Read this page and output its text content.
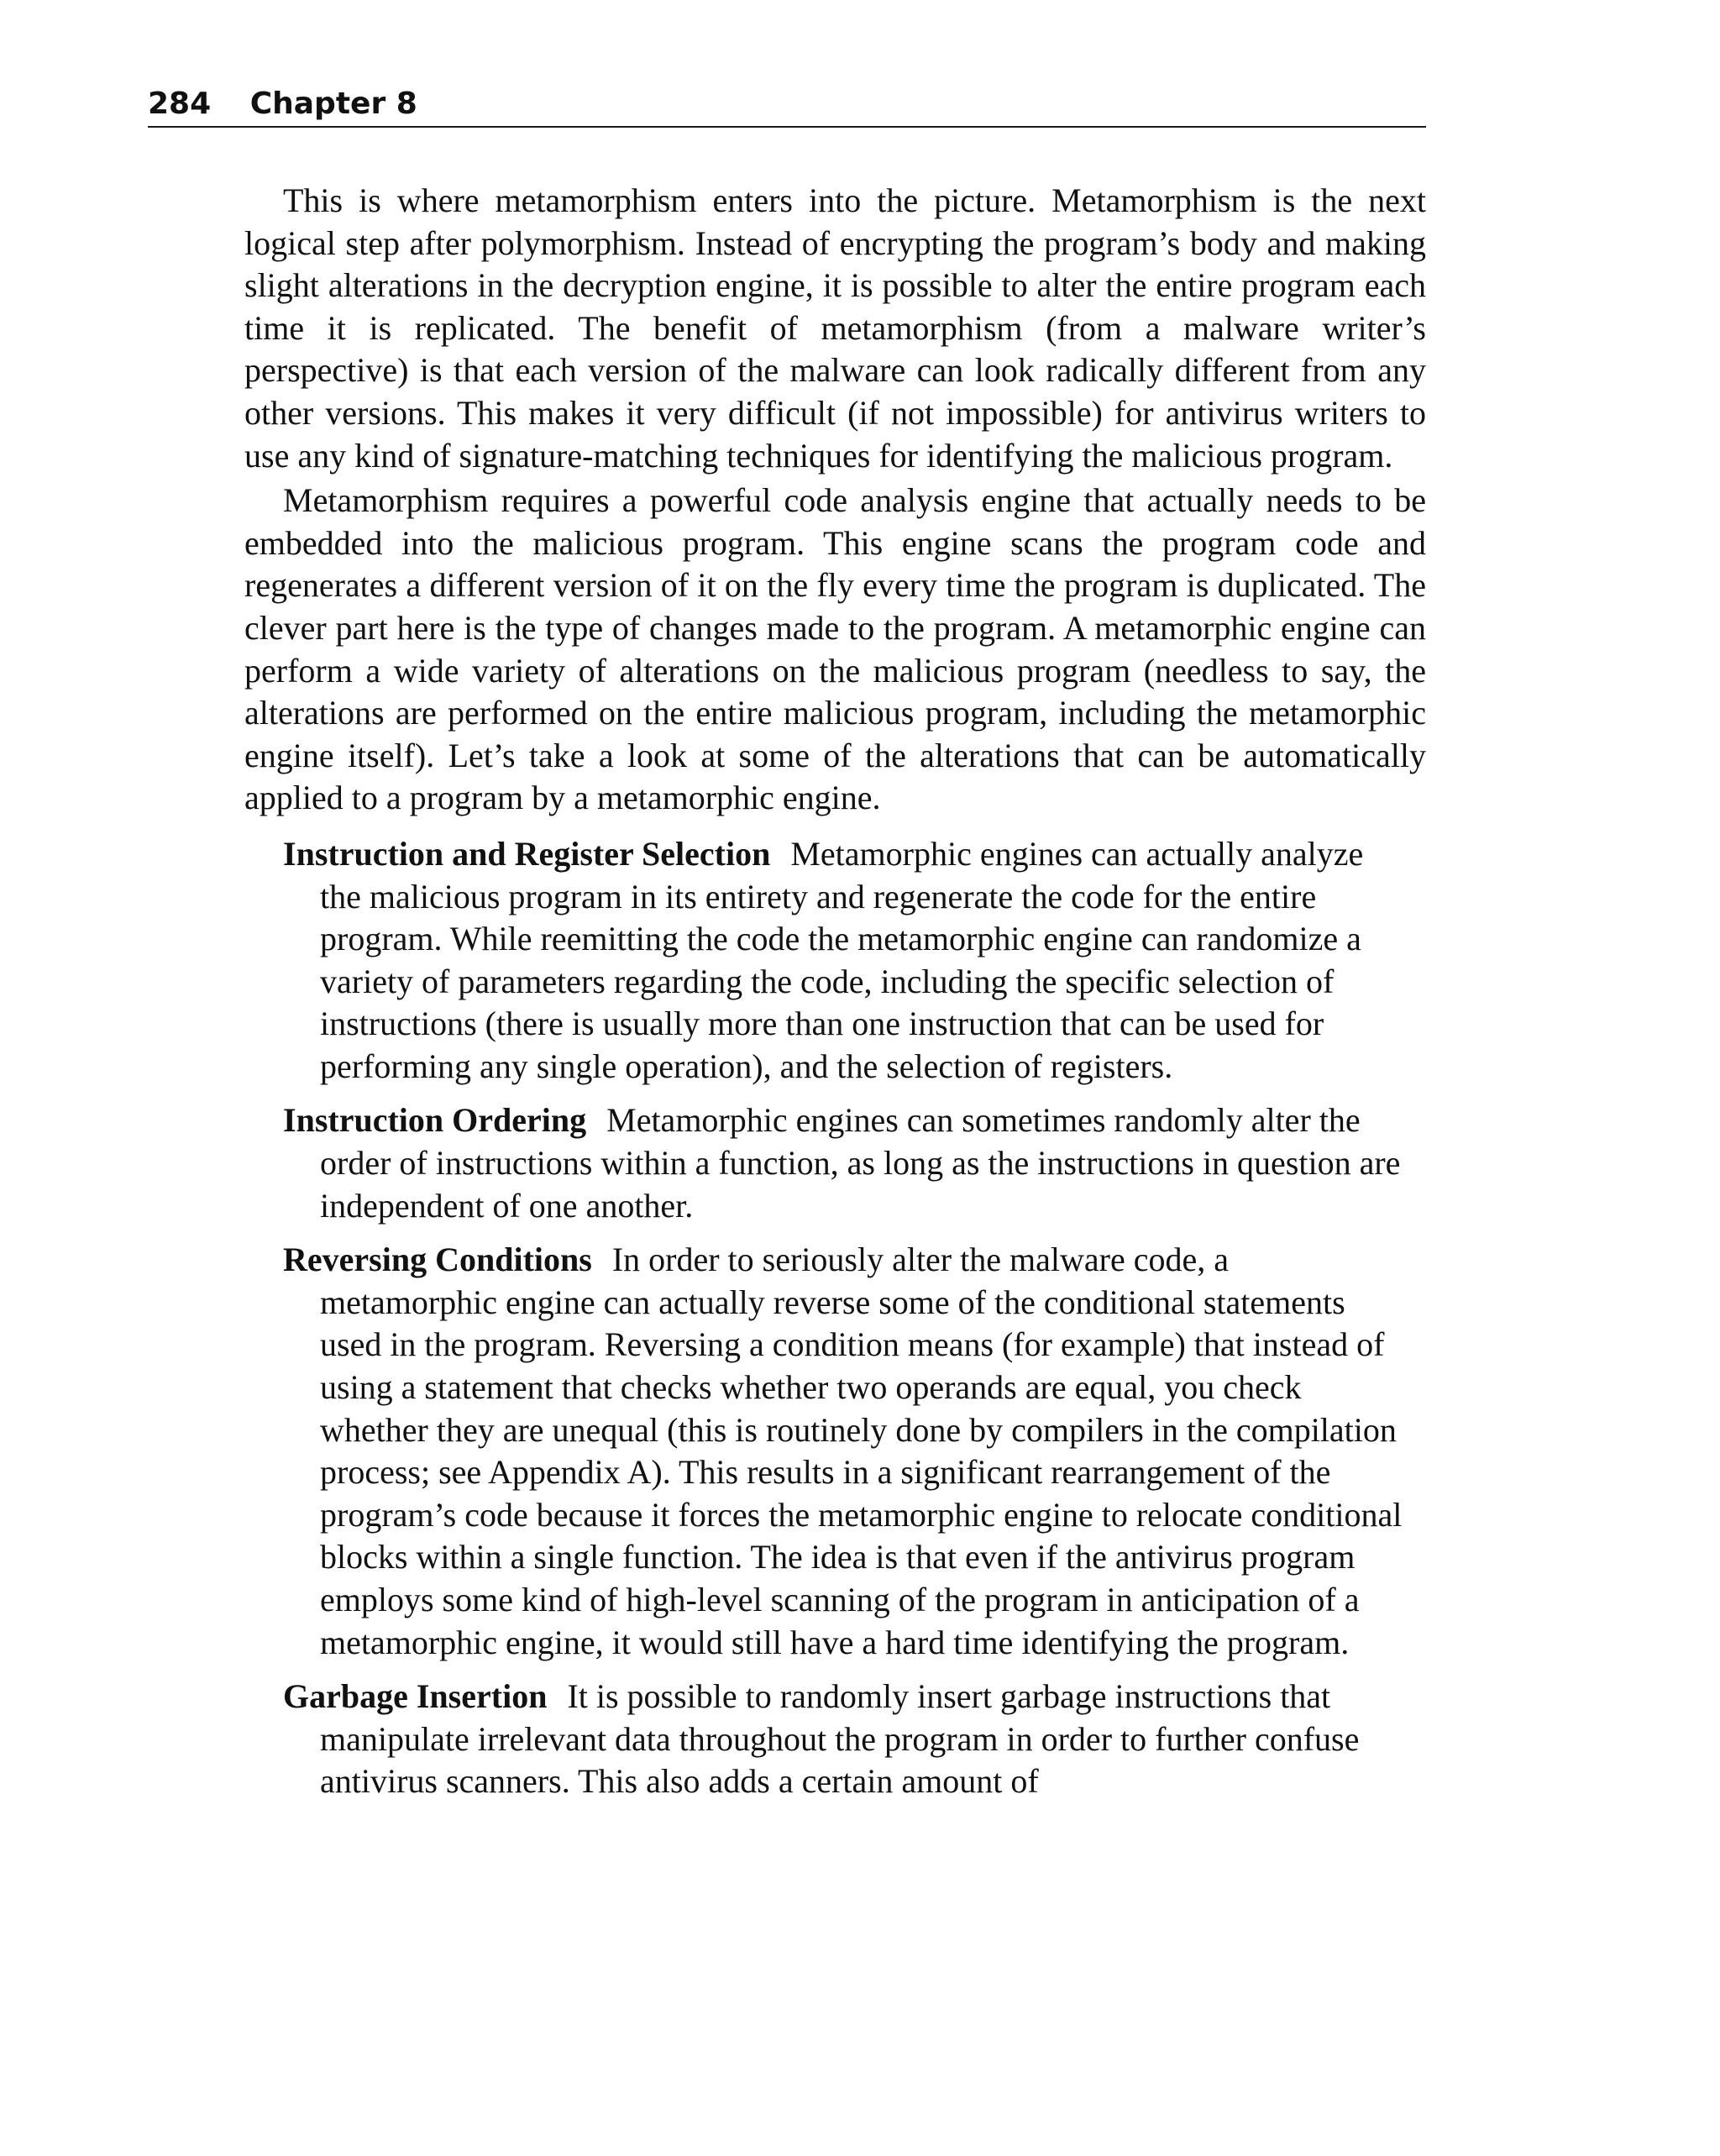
284 Chapter 8

This is where metamorphism enters into the picture. Metamorphism is the next logical step after polymorphism. Instead of encrypting the program’s body and making slight alterations in the decryption engine, it is possible to alter the entire program each time it is replicated. The benefit of metamorphism (from a malware writer’s perspective) is that each version of the malware can look radically different from any other versions. This makes it very difficult (if not impossible) for antivirus writers to use any kind of signature-matching techniques for identifying the malicious program.

Metamorphism requires a powerful code analysis engine that actually needs to be embedded into the malicious program. This engine scans the program code and regenerates a different version of it on the fly every time the program is duplicated. The clever part here is the type of changes made to the program. A metamorphic engine can perform a wide variety of alterations on the malicious program (needless to say, the alterations are performed on the entire malicious program, including the metamorphic engine itself). Let’s take a look at some of the alterations that can be automatically applied to a program by a metamorphic engine.

Instruction and Register Selection Metamorphic engines can actually analyze the malicious program in its entirety and regenerate the code for the entire program. While reemitting the code the metamorphic engine can randomize a variety of parameters regarding the code, including the specific selection of instructions (there is usually more than one instruction that can be used for performing any single operation), and the selection of registers.
Instruction Ordering Metamorphic engines can sometimes randomly alter the order of instructions within a function, as long as the instructions in question are independent of one another.
Reversing Conditions In order to seriously alter the malware code, a metamorphic engine can actually reverse some of the conditional statements used in the program. Reversing a condition means (for example) that instead of using a statement that checks whether two operands are equal, you check whether they are unequal (this is routinely done by compilers in the compilation process; see Appendix A). This results in a significant rearrangement of the program’s code because it forces the metamorphic engine to relocate conditional blocks within a single function. The idea is that even if the antivirus program employs some kind of high-level scanning of the program in anticipation of a metamorphic engine, it would still have a hard time identifying the program.
Garbage Insertion It is possible to randomly insert garbage instructions that manipulate irrelevant data throughout the program in order to further confuse antivirus scanners. This also adds a certain amount of
